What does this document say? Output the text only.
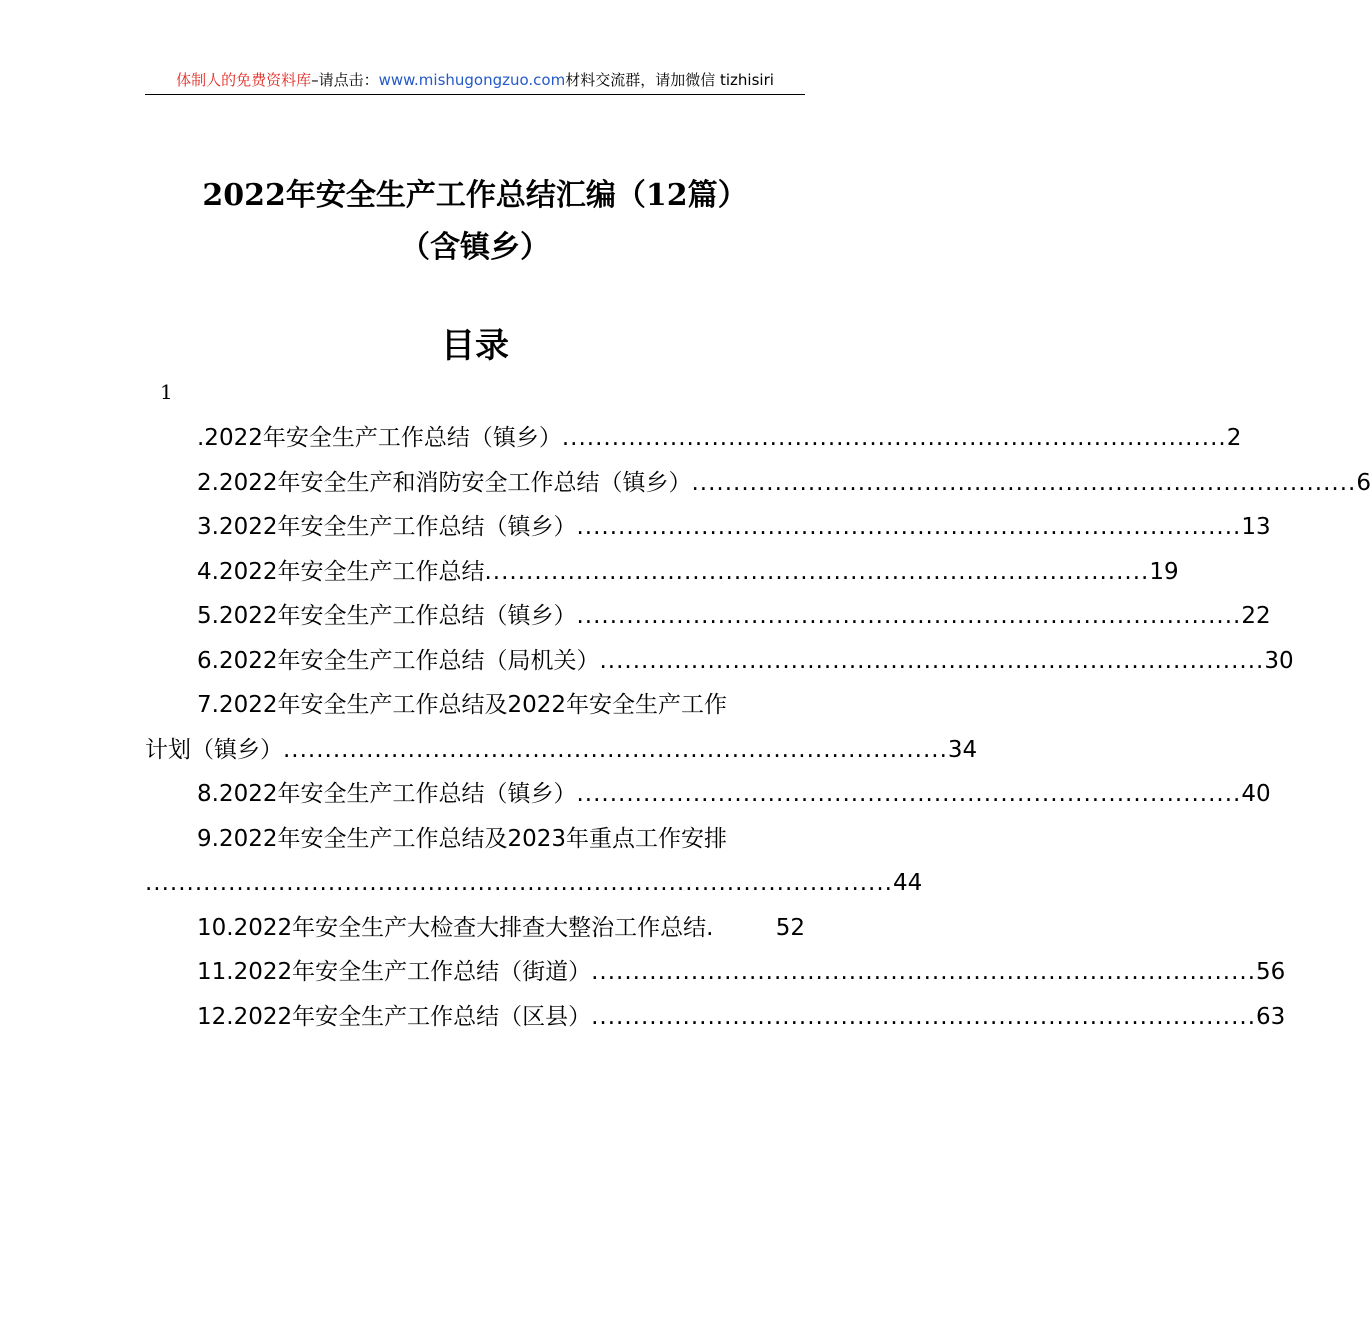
体制人的免费资料库–请点击：www.mishugongzuo.com材料交流群，请加微信 tizhisiri
2022年安全生产工作总结汇编（12篇）
（含镇乡）
目录
1
.2022年安全生产工作总结（镇乡） ................................................................................ 2
2.2022年安全生产和消防安全工作总结（镇乡） ................................................................................ 6
3.2022年安全生产工作总结（镇乡） ................................................................................ 13
4.2022年安全生产工作总结 ................................................................................ 19
5.2022年安全生产工作总结（镇乡） ................................................................................ 22
6.2022年安全生产工作总结（局机关） ................................................................................ 30
7.2022年安全生产工作总结及2022年安全生产工作
计划（镇乡） ................................................................................ 34
8.2022年安全生产工作总结（镇乡） ................................................................................ 40
9.2022年安全生产工作总结及2023年重点工作安排
.......................................................................................... 44
10.2022年安全生产大检查大排查大整治工作总结.	52
11.2022年安全生产工作总结（街道） ................................................................................ 56
12.2022年安全生产工作总结（区县） ................................................................................ 63
